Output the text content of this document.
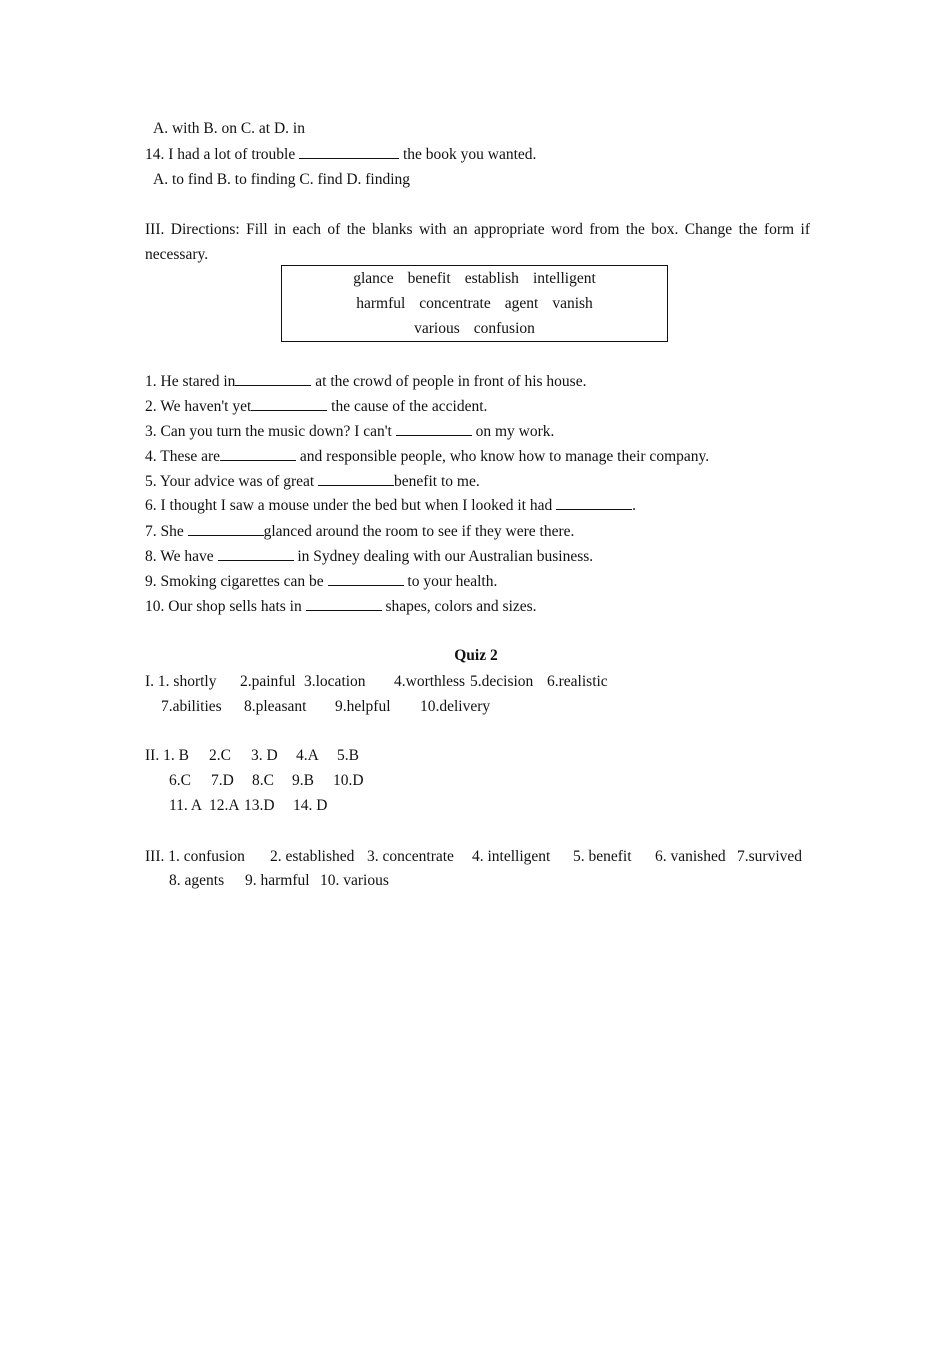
A. with B. on C. at D. in
14. I had a lot of trouble	the book you wanted.
A. to find B. to finding C. find D. finding
III. Directions: Fill in each of the blanks with an appropriate word from the box. Change the form if necessary.
glance benefit establish intelligent
harmful concentrate agent vanish
various confusion
1. He stared in	at the crowd of people in front of his house.
2. We haven't yet	the cause of the accident.
3. Can you turn the music down? I can't	on my work.
4. These are	and responsible people, who know how to manage their company.
5. Your advice was of great	benefit to me.
6. I thought I saw a mouse under the bed but when I looked it had	.
7. She	glanced around the room to see if they were there.
8. We have	in Sydney dealing with our Australian business.
9. Smoking cigarettes can be	to your health.
10. Our shop sells hats in	shapes, colors and sizes.
Quiz 2
I. 1. shortly 2.painful 3.location 4.worthless 5.decision 6.realistic
7.abilities 8.pleasant 9.helpful 10.delivery
II. 1. B 2.C 3. D 4.A 5.B
6.C 7.D 8.C 9.B 10.D
11. A 12.A 13.D 14. D
III. 1. confusion 2. established 3. concentrate 4. intelligent 5. benefit 6. vanished 7.survived
8. agents 9. harmful 10. various
